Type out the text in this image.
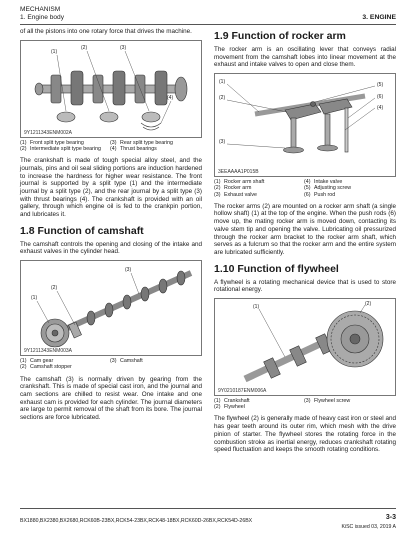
MECHANISM
1. Engine body	3. ENGINE

of all the pistons into one rotary force that drives the machine.

(1)
(2)	(3)
(4)
9Y1211343ENM002A
(1)	Front split type bearing	(3)	Rear split type bearing
(2)	Intermediate split type bearing	(4)	Thrust bearings

The crankshaft is made of tough special alloy steel, and the journals, pins and oil seal sliding portions are induction hardened to increase the hardness for higher wear resistance. The front journal is supported by a split type (1) and the intermediate journal by a split type (2), and the rear journal by a split type (3) with thrust bearings (4). The crankshaft is provided with an oil gallery, through which engine oil is fed to the crankpin portion, and lubricates it.

1.8 Function of camshaft

The camshaft controls the opening and closing of the intake and exhaust valves in the cylinder head.

(1)
(2)
(3)
9Y1211343ENM003A
(1)	Cam gear	(3)	Camshaft
(2)	Camshaft stopper		

The camshaft (3) is normally driven by gearing from the crankshaft. This is made of special cast iron, and the journal and cam sections are chilled to resist wear. One intake and one exhaust cam is provided for each cylinder. The journal diameters are large to permit removal of the shaft from its bore. The journal sections are force lubricated.

1.9 Function of rocker arm

The rocker arm is an oscillating lever that conveys radial movement from the camshaft lobes into linear movement at the exhaust and intake valves to open and close them.

(1)
(2)
(3)
(4)
(5)
(6)
3EEAAAA1P015B
(1)	Rocker arm shaft	(4)	Intake valve
(2)	Rocker arm	(5)	Adjusting screw
(3)	Exhaust valve	(6)	Push rod

The rocker arms (2) are mounted on a rocker arm shaft (a single hollow shaft) (1) at the top of the engine. When the push rods (6) move up, the mating rocker arm is moved down, contacting its valve stem tip and opening the valve. Lubricating oil pressurized through the rocker arm bracket to the rocker arm shaft, which serves as a fulcrum so that the rocker arm and the entire system are lubricated sufficiently.

1.10 Function of flywheel

A flywheel is a rotating mechanical device that is used to store rotational energy.

(1)	(2)
9Y0210187ENM006A
(1)	Crankshaft	(3)	Flywheel screw
(2)	Flywheel		

The flywheel (2) is generally made of heavy cast iron or steel and has gear teeth around its outer rim, which mesh with the drive pinion of starter. The flywheel stores the rotating force in the combustion stroke as inertial energy, reduces crankshaft rotating speed fluctuation and keeps the smooth rotating conditions.

BX1880,BX2380,BX2680,RCK60B-23BX,RCK54-23BX,RCK48-18BX,RCK60D-26BX,RCK54D-26BX	3-3
KiSC issued 03, 2019 A
